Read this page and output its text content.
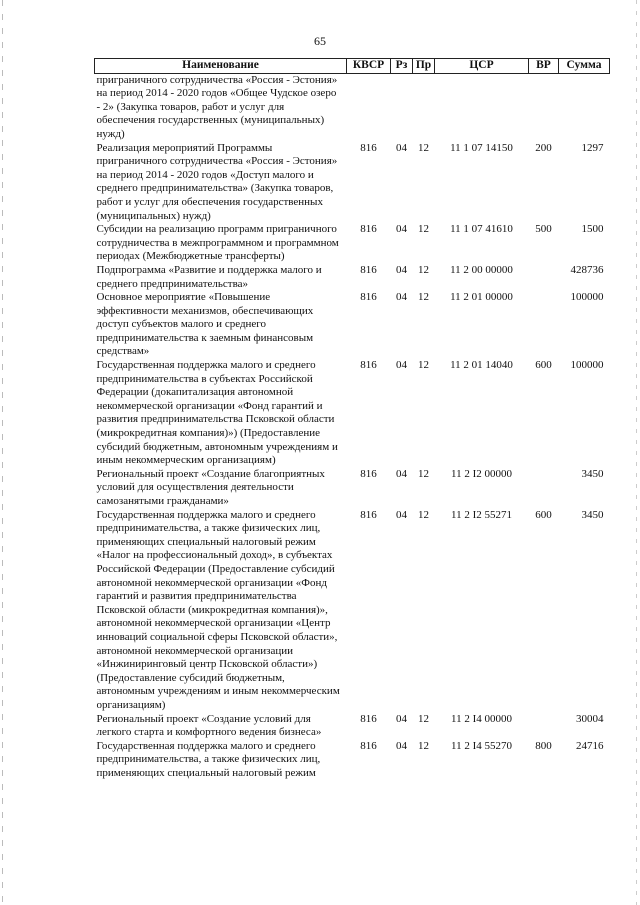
65
Наименование	КВСР	Рз	Пр	ЦСР	ВР	Сумма
приграничного сотрудничества «Россия - Эстония» на период 2014 - 2020 годов «Общее Чудское озеро - 2» (Закупка товаров, работ и услуг для обеспечения государственных (муниципальных) нужд)						
Реализация мероприятий Программы приграничного сотрудничества «Россия - Эстония» на период 2014 - 2020 годов «Доступ малого и среднего предпринимательства» (Закупка товаров, работ и услуг для обеспечения государственных (муниципальных) нужд)	816	04	12	11 1 07 14150	200	1297
Субсидии на реализацию программ приграничного сотрудничества в межпрограммном и программном периодах (Межбюджетные трансферты)	816	04	12	11 1 07 41610	500	1500
Подпрограмма «Развитие и поддержка малого и среднего предпринимательства»	816	04	12	11 2 00 00000		428736
Основное мероприятие «Повышение эффективности механизмов, обеспечивающих доступ субъектов малого и среднего предпринимательства к заемным финансовым средствам»	816	04	12	11 2 01 00000		100000
Государственная поддержка малого и среднего предпринимательства в субъектах Российской Федерации (докапитализация автономной некоммерческой организации «Фонд гарантий и развития предпринимательства Псковской области (микрокредитная компания)») (Предоставление субсидий бюджетным, автономным учреждениям и иным некоммерческим организациям)	816	04	12	11 2 01 14040	600	100000
Региональный проект «Создание благоприятных условий для осуществления деятельности самозанятыми гражданами»	816	04	12	11 2 I2 00000		3450
Государственная поддержка малого и среднего предпринимательства, а также физических лиц, применяющих специальный налоговый режим «Налог на профессиональный доход», в субъектах Российской Федерации (Предоставление субсидий автономной некоммерческой организации «Фонд гарантий и развития предпринимательства Псковской области (микрокредитная компания)», автономной некоммерческой организации «Центр инноваций социальной сферы Псковской области», автономной некоммерческой организации «Инжиниринговый центр Псковской области») (Предоставление субсидий бюджетным, автономным учреждениям и иным некоммерческим организациям)	816	04	12	11 2 I2 55271	600	3450
Региональный проект «Создание условий для легкого старта и комфортного ведения бизнеса»	816	04	12	11 2 I4 00000		30004
Государственная поддержка малого и среднего предпринимательства, а также физических лиц, применяющих специальный налоговый режим	816	04	12	11 2 I4 55270	800	24716
